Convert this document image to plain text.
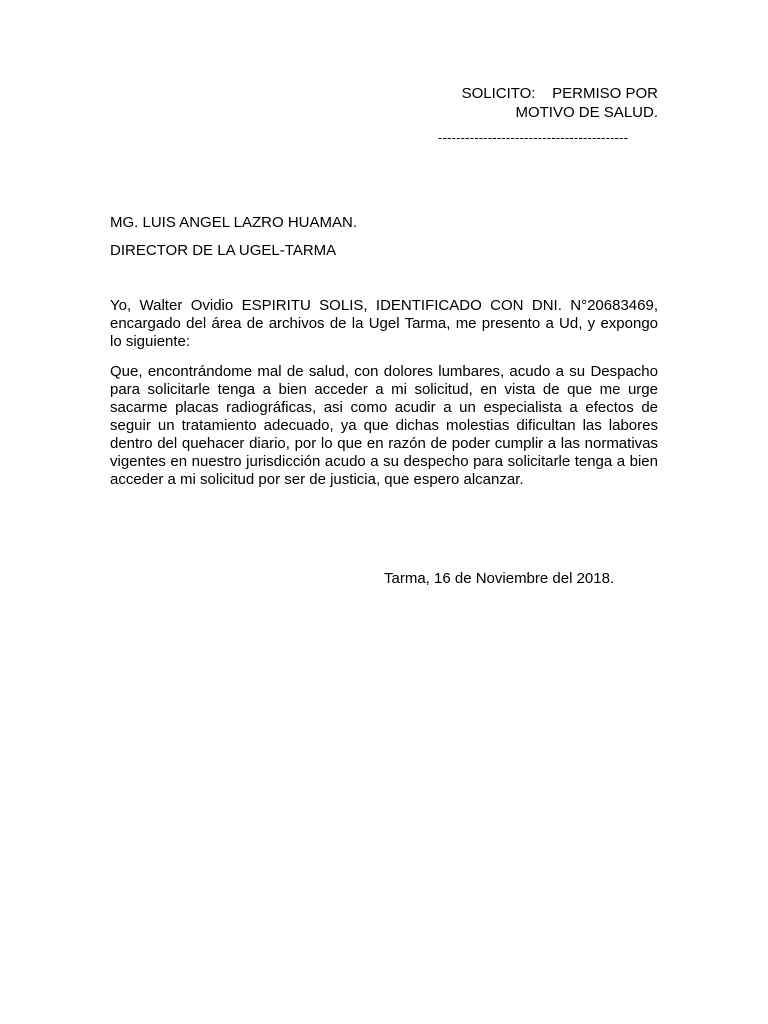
SOLICITO:    PERMISO POR
MOTIVO DE SALUD.
------------------------------------------
MG. LUIS ANGEL LAZRO HUAMAN.
DIRECTOR DE LA UGEL-TARMA

Yo, Walter Ovidio ESPIRITU SOLIS, IDENTIFICADO CON DNI. N°20683469, encargado del área de archivos de la Ugel Tarma, me presento a Ud, y expongo lo siguiente:

Que, encontrándome mal de salud, con dolores lumbares, acudo a su Despacho para solicitarle tenga a bien acceder a mi solicitud, en vista de que me urge sacarme placas radiográficas, asi como acudir a un especialista a efectos de seguir un tratamiento adecuado, ya que dichas molestias dificultan las labores dentro del quehacer diario, por lo que en razón de poder cumplir a las normativas vigentes en nuestro jurisdicción acudo a su despecho para solicitarle tenga a bien acceder a mi solicitud por ser de justicia, que espero alcanzar.

Tarma, 16 de Noviembre del 2018.
